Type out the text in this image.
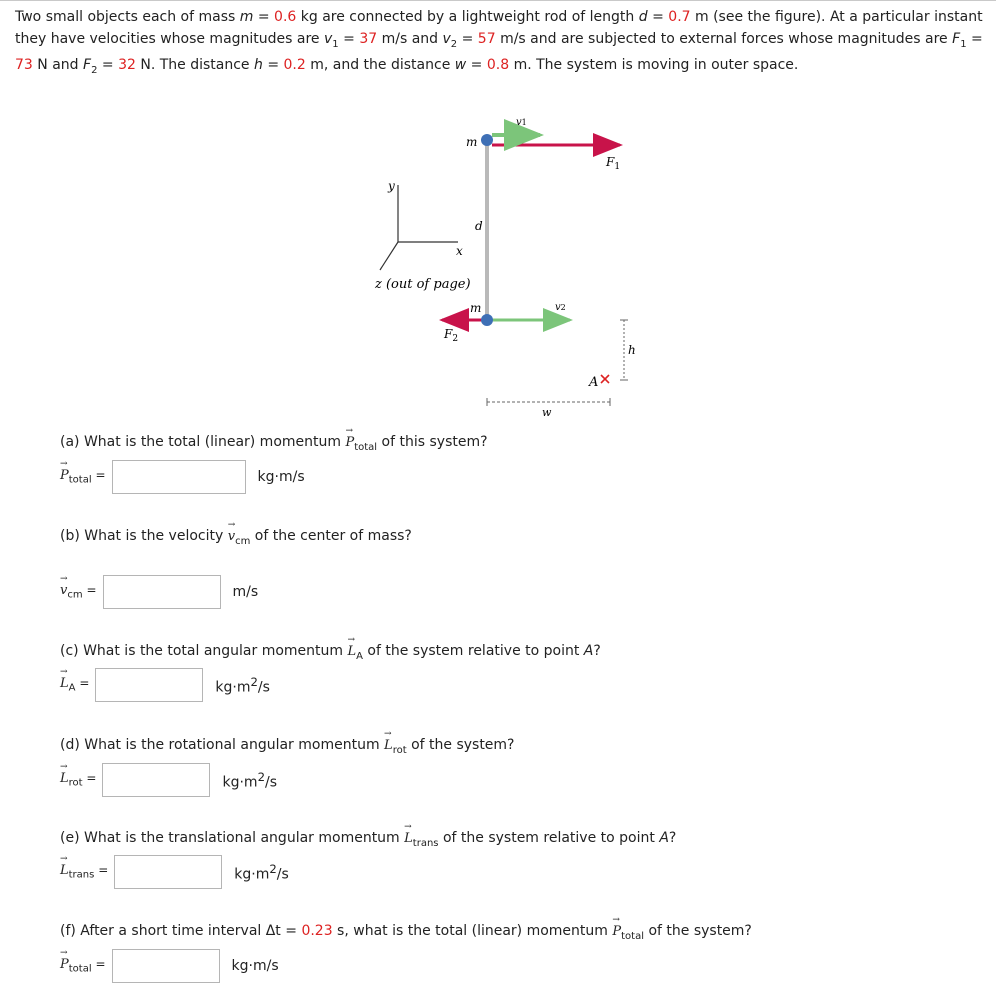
Two small objects each of mass m = 0.6 kg are connected by a lightweight rod of length d = 0.7 m (see the figure). At a particular instant they have velocities whose magnitudes are $v_1 = 37$ m/s and $v_2 = 57$ m/s and are subjected to external forces whose magnitudes are $F_1 = 73$ N and $F_2 = 32$ N. The distance h = 0.2 m, and the distance w = 0.8 m. The system is moving in outer space.
m
v1
$F_1$
y
x
d
z (out of page)
m	v2
$F_2$
h
A
w
(a) What is the total (linear) momentum P
→
$_{total}$ of this system?
P
→
$_{total}$ =	kg·m/s
(b) What is the velocity v
→
$_{cm}$ of the center of mass?
v
→
$_{cm}$ =	m/s
(c) What is the total angular momentum L
→
$_A$ of the system relative to point A?
L
→
$_A$ =	$kg\cdot m^2/s$
(d) What is the rotational angular momentum L
→
$_{rot}$ of the system?
L
→
$_{rot}$ =	$kg\cdot m^2/s$
(e) What is the translational angular momentum L
→
$_{trans}$ of the system relative to point A?
L
→
$_{trans}$ =	$kg\cdot m^2/s$
(f) After a short time interval Δt = 0.23 s, what is the total (linear) momentum P
→
$_{total}$ of the system?
P
→
$_{total}$ =	kg·m/s
